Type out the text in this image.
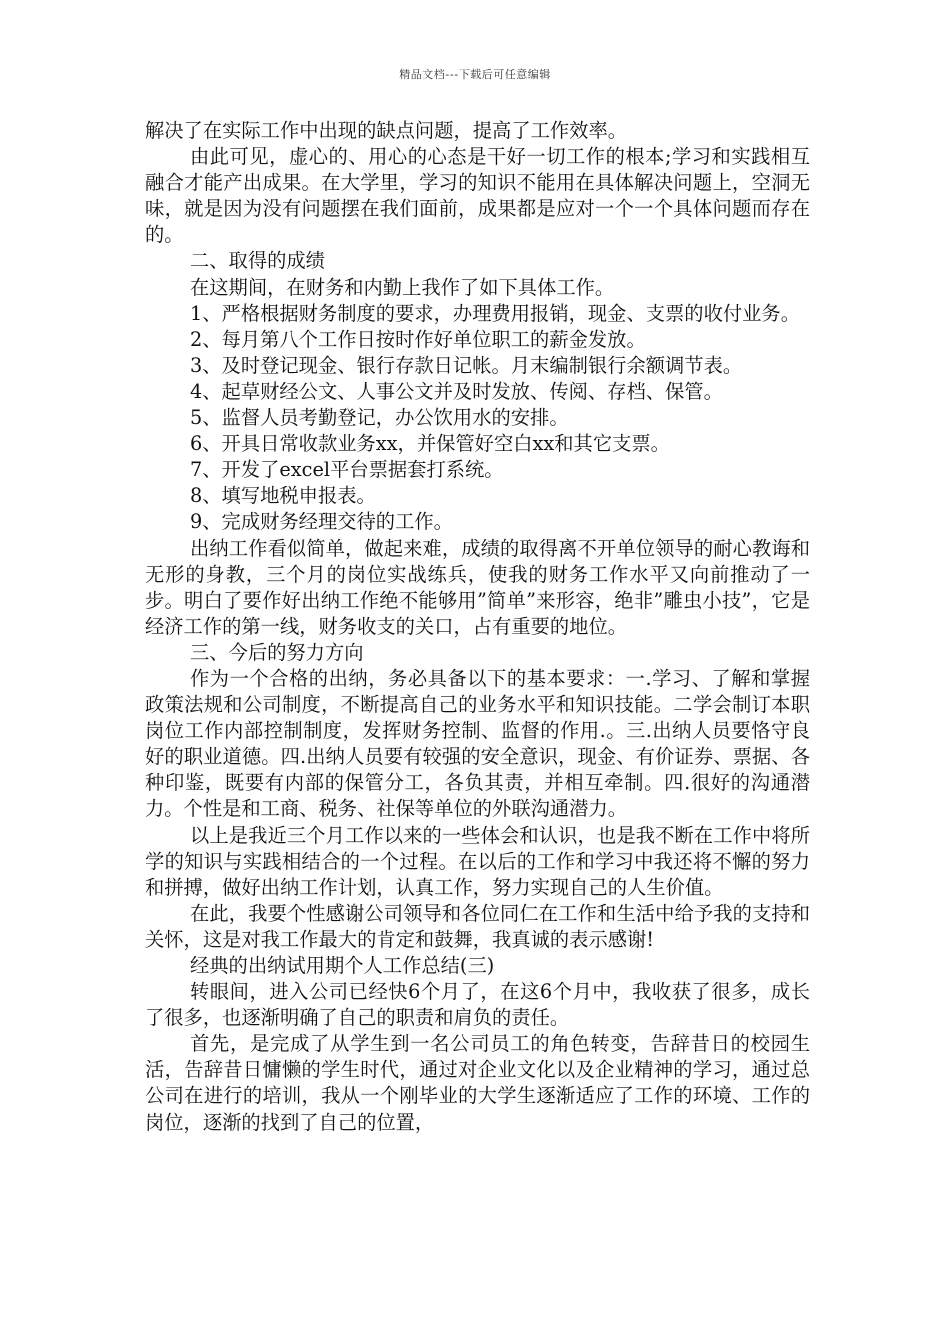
精品文档---下载后可任意编辑

解决了在实际工作中出现的缺点问题，提高了工作效率。

由此可见，虚心的、用心的心态是干好一切工作的根本;学习和实践相互融合才能产出成果。在大学里，学习的知识不能用在具体解决问题上，空洞无味，就是因为没有问题摆在我们面前，成果都是应对一个一个具体问题而存在的。

二、取得的成绩

在这期间，在财务和内勤上我作了如下具体工作。

1、严格根据财务制度的要求，办理费用报销，现金、支票的收付业务。

2、每月第八个工作日按时作好单位职工的薪金发放。

3、及时登记现金、银行存款日记帐。月末编制银行余额调节表。

4、起草财经公文、人事公文并及时发放、传阅、存档、保管。

5、监督人员考勤登记，办公饮用水的安排。

6、开具日常收款业务xx，并保管好空白xx和其它支票。

7、开发了excel平台票据套打系统。

8、填写地税申报表。

9、完成财务经理交待的工作。

出纳工作看似简单，做起来难，成绩的取得离不开单位领导的耐心教诲和无形的身教，三个月的岗位实战练兵，使我的财务工作水平又向前推动了一步。明白了要作好出纳工作绝不能够用”简单”来形容，绝非”雕虫小技”，它是经济工作的第一线，财务收支的关口，占有重要的地位。

三、今后的努力方向

作为一个合格的出纳，务必具备以下的基本要求：一.学习、了解和掌握政策法规和公司制度，不断提高自己的业务水平和知识技能。二学会制订本职岗位工作内部控制制度，发挥财务控制、监督的作用.。三.出纳人员要恪守良好的职业道德。四.出纳人员要有较强的安全意识，现金、有价证券、票据、各种印鉴，既要有内部的保管分工，各负其责，并相互牵制。四.很好的沟通潜力。个性是和工商、税务、社保等单位的外联沟通潜力。

以上是我近三个月工作以来的一些体会和认识，也是我不断在工作中将所学的知识与实践相结合的一个过程。在以后的工作和学习中我还将不懈的努力和拼搏，做好出纳工作计划，认真工作，努力实现自己的人生价值。

在此，我要个性感谢公司领导和各位同仁在工作和生活中给予我的支持和关怀，这是对我工作最大的肯定和鼓舞，我真诚的表示感谢!

经典的出纳试用期个人工作总结(三)

转眼间，进入公司已经快6个月了，在这6个月中，我收获了很多，成长了很多，也逐渐明确了自己的职责和肩负的责任。

首先，是完成了从学生到一名公司员工的角色转变，告辞昔日的校园生活，告辞昔日慵懒的学生时代，通过对企业文化以及企业精神的学习，通过总公司在进行的培训，我从一个刚毕业的大学生逐渐适应了工作的环境、工作的岗位，逐渐的找到了自己的位置，
